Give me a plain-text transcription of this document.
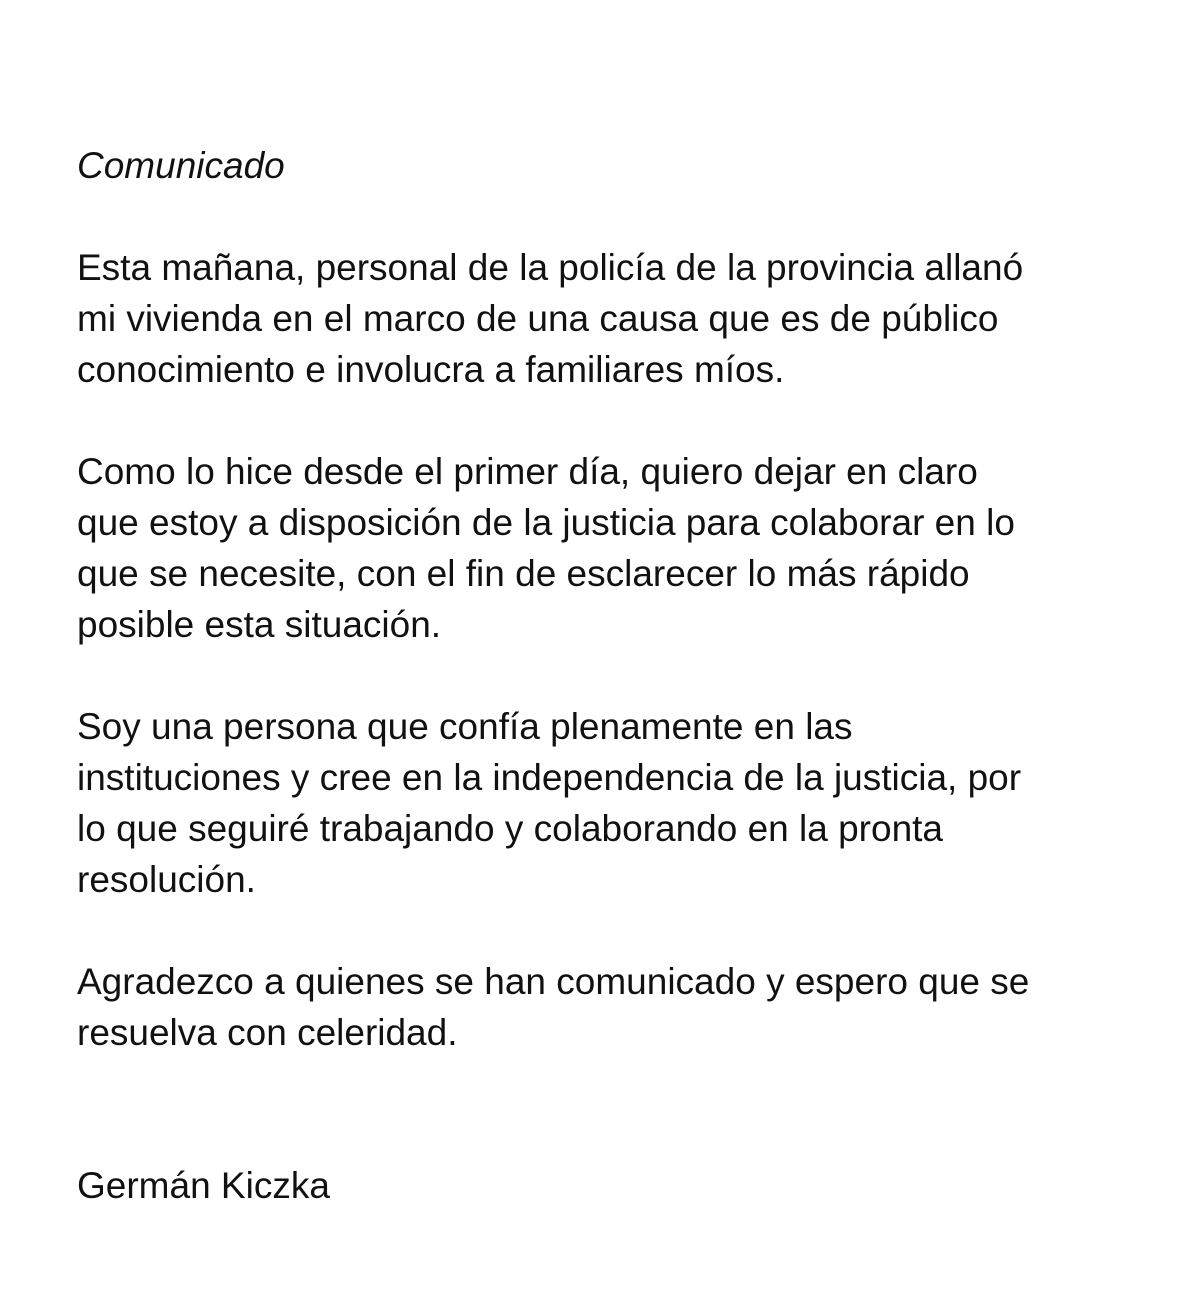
Comunicado

Esta mañana, personal de la policía de la provincia allanó
mi vivienda en el marco de una causa que es de público
conocimiento e involucra a familiares míos.

Como lo hice desde el primer día, quiero dejar en claro
que estoy a disposición de la justicia para colaborar en lo
que se necesite, con el fin de esclarecer lo más rápido
posible esta situación.

Soy una persona que confía plenamente en las
instituciones y cree en la independencia de la justicia, por
lo que seguiré trabajando y colaborando en la pronta
resolución.

Agradezco a quienes se han comunicado y espero que se
resuelva con celeridad.

Germán Kiczka
